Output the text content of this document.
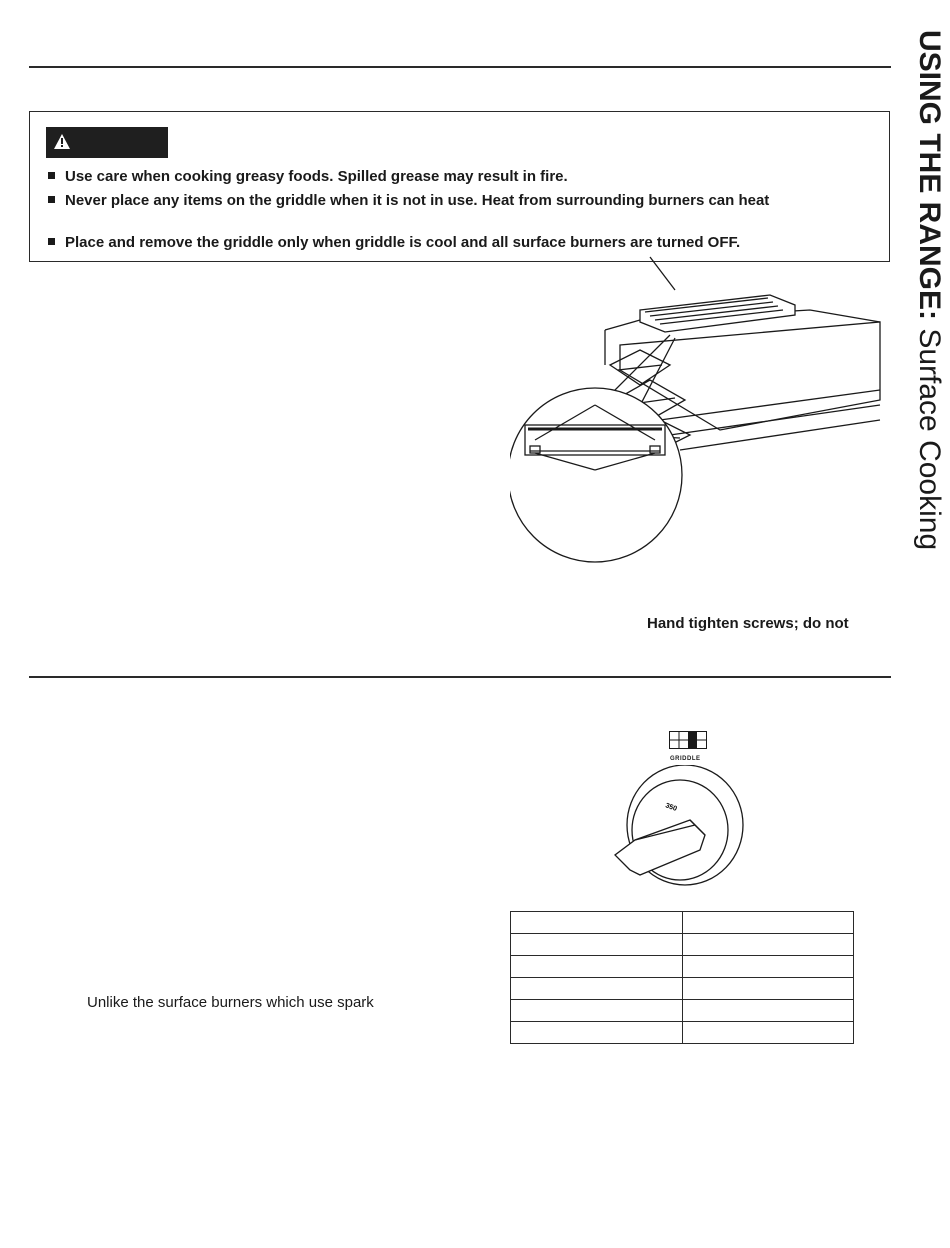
Use care when cooking greasy foods. Spilled grease may result in fire.
Never place any items on the griddle when it is not in use. Heat from surrounding burners can heat
Place and remove the griddle only when griddle is cool and all surface burners are turned OFF.
Hand tighten screws; do not
GRIDDLE
350

Unlike the surface burners which use spark
USING THE RANGE: Surface Cooking
